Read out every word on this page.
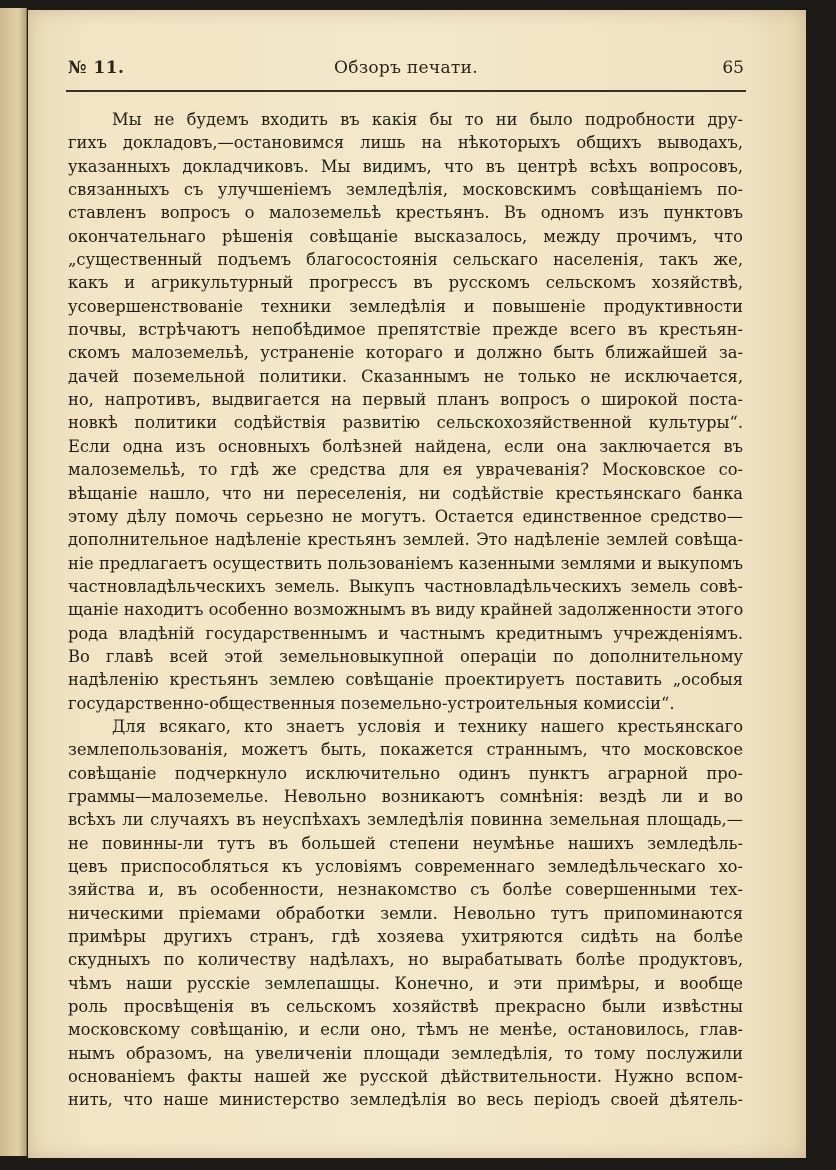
№ 11.	Обзоръ печати.	65
Мы не будемъ входить въ какія бы то ни было подробности дру-
гихъ докладовъ,—остановимся лишь на нѣкоторыхъ общихъ выводахъ,
указанныхъ докладчиковъ. Мы видимъ, что въ центрѣ всѣхъ вопросовъ,
связанныхъ съ улучшеніемъ земледѣлія, московскимъ совѣщаніемъ по-
ставленъ вопросъ о малоземельѣ крестьянъ. Въ одномъ изъ пунктовъ
окончательнаго рѣшенія совѣщаніе высказалось, между прочимъ, что
„существенный подъемъ благосостоянія сельскаго населенія, такъ же,
какъ и агрикультурный прогрессъ въ русскомъ сельскомъ хозяйствѣ,
усовершенствованіе техники земледѣлія и повышеніе продуктивности
почвы, встрѣчаютъ непобѣдимое препятствіе прежде всего въ крестьян-
скомъ малоземельѣ, устраненіе котораго и должно быть ближайшей за-
дачей поземельной политики. Сказаннымъ не только не исключается,
но, напротивъ, выдвигается на первый планъ вопросъ о широкой поста-
новкѣ политики содѣйствія развитію сельскохозяйственной культуры“.
Если одна изъ основныхъ болѣзней найдена, если она заключается въ
малоземельѣ, то гдѣ же средства для ея уврачеванія? Московское со-
вѣщаніе нашло, что ни переселенія, ни содѣйствіе крестьянскаго банка
этому дѣлу помочь серьезно не могутъ. Остается единственное средство—
дополнительное надѣленіе крестьянъ землей. Это надѣленіе землей совѣща-
ніе предлагаетъ осуществить пользованіемъ казенными землями и выкупомъ
частновладѣльческихъ земель. Выкупъ частновладѣльческихъ земель совѣ-
щаніе находитъ особенно возможнымъ въ виду крайней задолженности этого
рода владѣній государственнымъ и частнымъ кредитнымъ учрежденіямъ.
Во главѣ всей этой земельновыкупной операціи по дополнительному
надѣленію крестьянъ землею совѣщаніе проектируетъ поставить „особыя
государственно-общественныя поземельно-устроительныя комиссіи“.
Для всякаго, кто знаетъ условія и технику нашего крестьянскаго
землепользованія, можетъ быть, покажется страннымъ, что московское
совѣщаніе подчеркнуло исключительно одинъ пунктъ аграрной про-
граммы—малоземелье. Невольно возникаютъ сомнѣнія: вездѣ ли и во
всѣхъ ли случаяхъ въ неуспѣхахъ земледѣлія повинна земельная площадь,—
не повинны-ли тутъ въ большей степени неумѣнье нашихъ земледѣль-
цевъ приспособляться къ условіямъ современнаго земледѣльческаго хо-
зяйства и, въ особенности, незнакомство съ болѣе совершенными тех-
ническими пріемами обработки земли. Невольно тутъ припоминаются
примѣры другихъ странъ, гдѣ хозяева ухитряются сидѣть на болѣе
скудныхъ по количеству надѣлахъ, но вырабатывать болѣе продуктовъ,
чѣмъ наши русскіе землепашцы. Конечно, и эти примѣры, и вообще
роль просвѣщенія въ сельскомъ хозяйствѣ прекрасно были извѣстны
московскому совѣщанію, и если оно, тѣмъ не менѣе, остановилось, глав-
нымъ образомъ, на увеличеніи площади земледѣлія, то тому послужили
основаніемъ факты нашей же русской дѣйствительности. Нужно вспом-
нить, что наше министерство земледѣлія во весь періодъ своей дѣятель-
